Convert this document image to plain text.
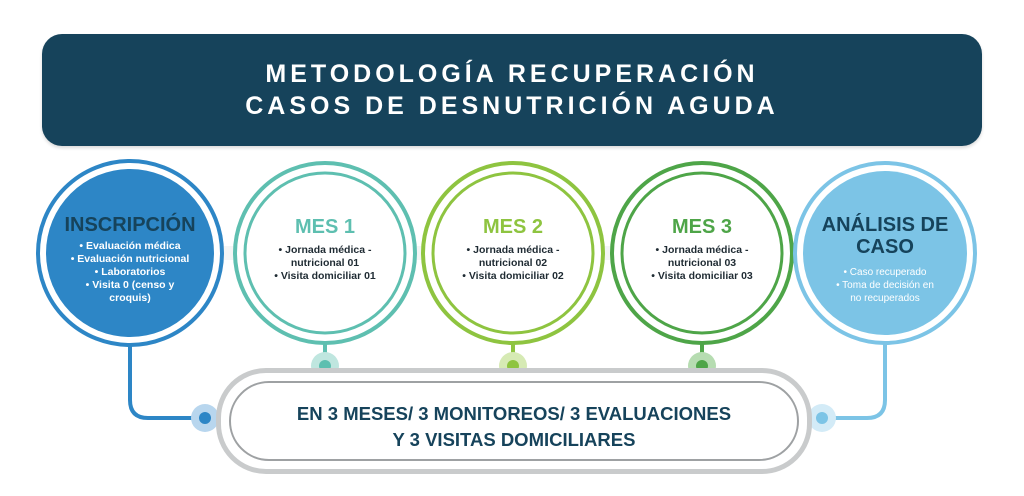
METODOLOGÍA RECUPERACIÓN
CASOS DE DESNUTRICIÓN AGUDA
INSCRIPCIÓN
• Evaluación médica
• Evaluación nutricional
• Laboratorios
• Visita 0 (censo y
croquis)
MES 1
• Jornada médica -
nutricional 01
• Visita domiciliar 01
MES 2
• Jornada médica -
nutricional 02
• Visita domiciliar 02
MES 3
• Jornada médica -
nutricional 03
• Visita domiciliar 03
ANÁLISIS DE
CASO
• Caso recuperado
• Toma de decisión en
no recuperados
EN 3 MESES/ 3 MONITOREOS/ 3 EVALUACIONES
Y 3 VISITAS DOMICILIARES
